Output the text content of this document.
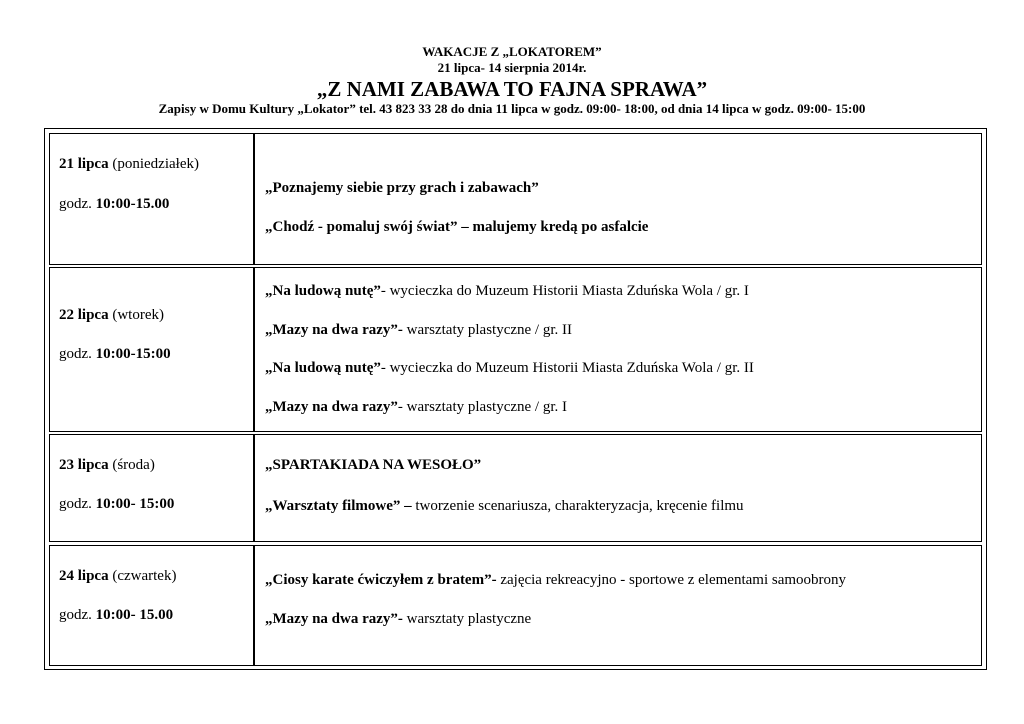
WAKACJE Z „LOKATOREM”
21 lipca- 14 sierpnia 2014r.
„Z NAMI ZABAWA TO FAJNA SPRAWA”
Zapisy w Domu Kultury „Lokator” tel. 43 823 33 28 do dnia 11 lipca w godz. 09:00- 18:00, od dnia 14 lipca w godz. 09:00- 15:00
21 lipca (poniedziałek)
godz. 10:00-15.00
„Poznajemy siebie przy grach i zabawach”
„Chodź - pomaluj swój świat” – malujemy kredą po asfalcie
22 lipca (wtorek)
godz. 10:00-15:00
„Na ludową nutę”- wycieczka do Muzeum Historii Miasta Zduńska Wola / gr. I
„Mazy na dwa razy”- warsztaty plastyczne / gr. II
„Na ludową nutę”- wycieczka do Muzeum Historii Miasta Zduńska Wola / gr. II
„Mazy na dwa razy”- warsztaty plastyczne / gr. I
23 lipca (środa)
godz. 10:00- 15:00
„SPARTAKIADA NA WESOŁO”
„Warsztaty filmowe” – tworzenie scenariusza, charakteryzacja, kręcenie filmu
24 lipca (czwartek)
godz. 10:00- 15.00
„Ciosy karate ćwiczyłem z bratem”- zajęcia rekreacyjno - sportowe z elementami samoobrony
„Mazy na dwa razy”- warsztaty plastyczne
